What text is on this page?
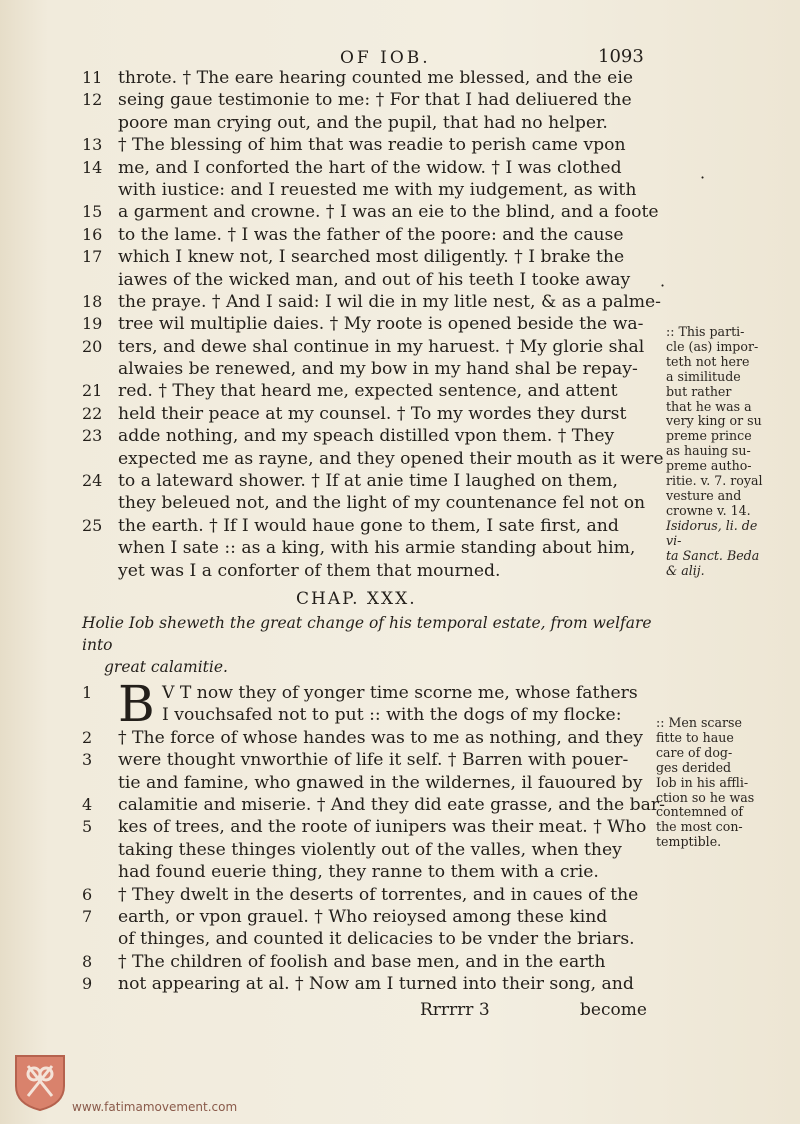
OF IOB.	1093
11 throte. † The eare hearing counted me blessed, and the eie
12 seing gaue testimonie to me: † For that I had deliuered the
poore man crying out, and the pupil, that had no helper.
13 † The blessing of him that was readie to perish came vpon
14 me, and I conforted the hart of the widow. † I was clothed
with iustice: and I reuested me with my iudgement, as with
15 a garment and crowne. † I was an eie to the blind, and a foote
16 to the lame. † I was the father of the poore: and the cause
17 which I knew not, I searched most diligently. † I brake the
iawes of the wicked man, and out of his teeth I tooke away
18 the praye. † And I said: I wil die in my litle nest, & as a palme-
19 tree wil multiplie daies. † My roote is opened beside the wa-
20 ters, and dewe shal continue in my haruest. † My glorie shal
alwaies be renewed, and my bow in my hand shal be repay-
21 red. † They that heard me, expected sentence, and attent
22 held their peace at my counsel. † To my wordes they durst
23 adde nothing, and my speach distilled vpon them. † They
expected me as rayne, and they opened their mouth as it were
24 to a lateward shower. † If at anie time I laughed on them,
they beleued not, and the light of my countenance fel not on
25 the earth. † If I would haue gone to them, I sate first, and
when I sate :: as a king, with his armie standing about him,
yet was I a conforter of them that mourned.
CHAP. XXX.
Holie Iob sheweth the great change of his temporal estate, from welfare into
great calamitie.
B
1	V T now they of yonger time scorne me, whose fathers
I vouchsafed not to put :: with the dogs of my flocke:
2	† The force of whose handes was to me as nothing, and they
3	were thought vnworthie of life it self. † Barren with pouer-
tie and famine, who gnawed in the wildernes, il fauoured by
4	calamitie and miserie. † And they did eate grasse, and the bar-
5	kes of trees, and the roote of iunipers was their meat. † Who
taking these thinges violently out of the valles, when they
had found euerie thing, they ranne to them with a crie.
6	† They dwelt in the deserts of torrentes, and in caues of the
7	earth, or vpon grauel. † Who reioysed among these kind
of thinges, and counted it delicacies to be vnder the briars.
8	† The children of foolish and base men, and in the earth
9	not appearing at al. † Now am I turned into their song, and
Rrrrrr 3	become
:: This parti-
cle (as) impor-
teth not here
a similitude
but rather
that he was a
very king or su
preme prince
as hauing su-
preme autho-
ritie. v. 7. royal
vesture and
crowne v. 14.
Isidorus, li. de vi-
ta Sanct. Beda
& alij.
:: Men scarse
fitte to haue
care of dog-
ges derided
Iob in his affli-
ction so he was
contemned of
the most con-
temptible.
·
·
www.fatimamovement.com
